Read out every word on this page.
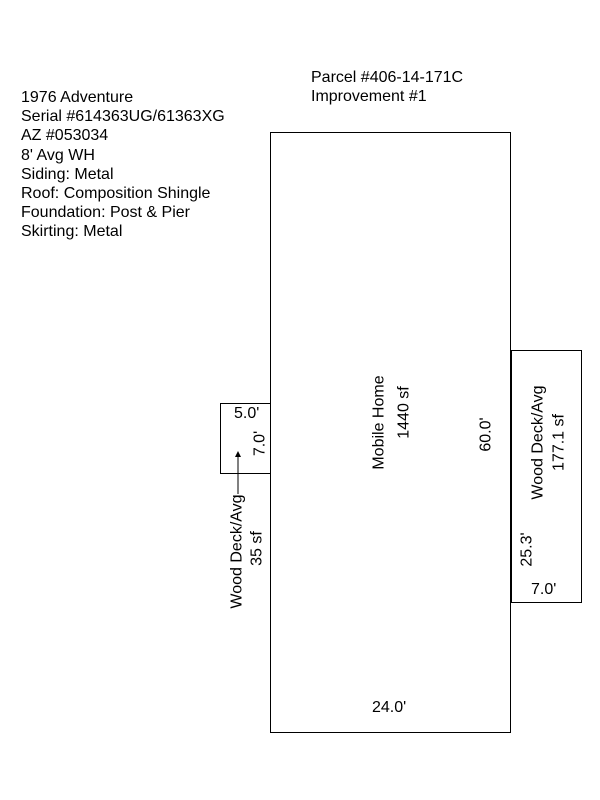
Parcel #406-14-171C
Improvement #1
1976 Adventure
Serial #614363UG/61363XG
AZ #053034
8' Avg WH
Siding: Metal
Roof: Composition Shingle
Foundation: Post & Pier
Skirting: Metal
Mobile Home 1440 sf	60.0'
24.0'
5.0'
7.0'
Wood Deck/Avg 35 sf
Wood Deck/Avg 177.1 sf
25.3'
7.0'
